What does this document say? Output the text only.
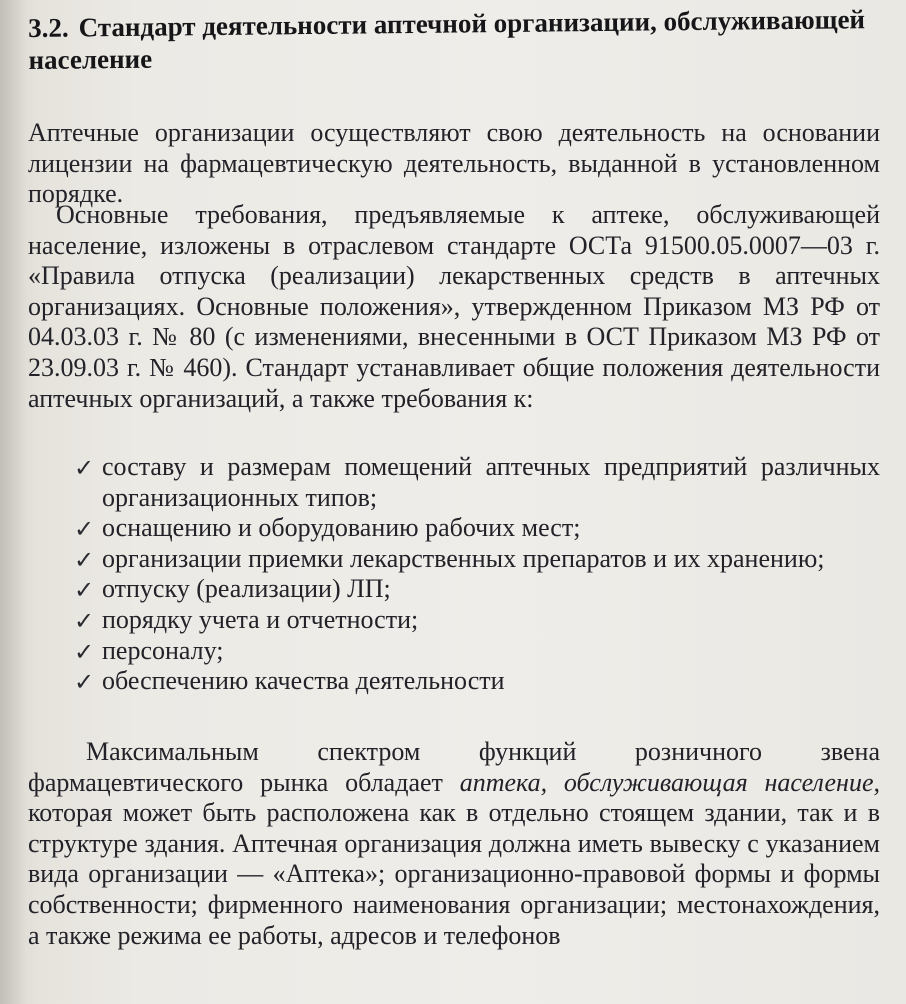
3.2. Стандарт деятельности аптечной организации, обслуживающей население
Аптечные организации осуществляют свою деятельность на основании лицензии на фармацевтическую деятельность, выданной в установленном порядке.
Основные требования, предъявляемые к аптеке, обслуживающей население, изложены в отраслевом стандарте ОСТа 91500.05.0007—03 г. «Правила отпуска (реализации) лекарственных средств в аптечных организациях. Основные положения», утвержденном Приказом МЗ РФ от 04.03.03 г. № 80 (с изменениями, внесенными в ОСТ Приказом МЗ РФ от 23.09.03 г. № 460). Стандарт устанавливает общие положения деятельности аптечных организаций, а также требования к:
✓ составу и размерам помещений аптечных предприятий различных организационных типов;
✓ оснащению и оборудованию рабочих мест;
✓ организации приемки лекарственных препаратов и их хранению;
✓ отпуску (реализации) ЛП;
✓ порядку учета и отчетности;
✓ персоналу;
✓ обеспечению качества деятельности
Максимальным спектром функций розничного звена фармацевтического рынка обладает аптека, обслуживающая население, которая может быть расположена как в отдельно стоящем здании, так и в структуре здания. Аптечная организация должна иметь вывеску с указанием вида организации — «Аптека»; организационно-правовой формы и формы собственности; фирменного наименования организации; местонахождения, а также режима ее работы, адресов и телефонов
